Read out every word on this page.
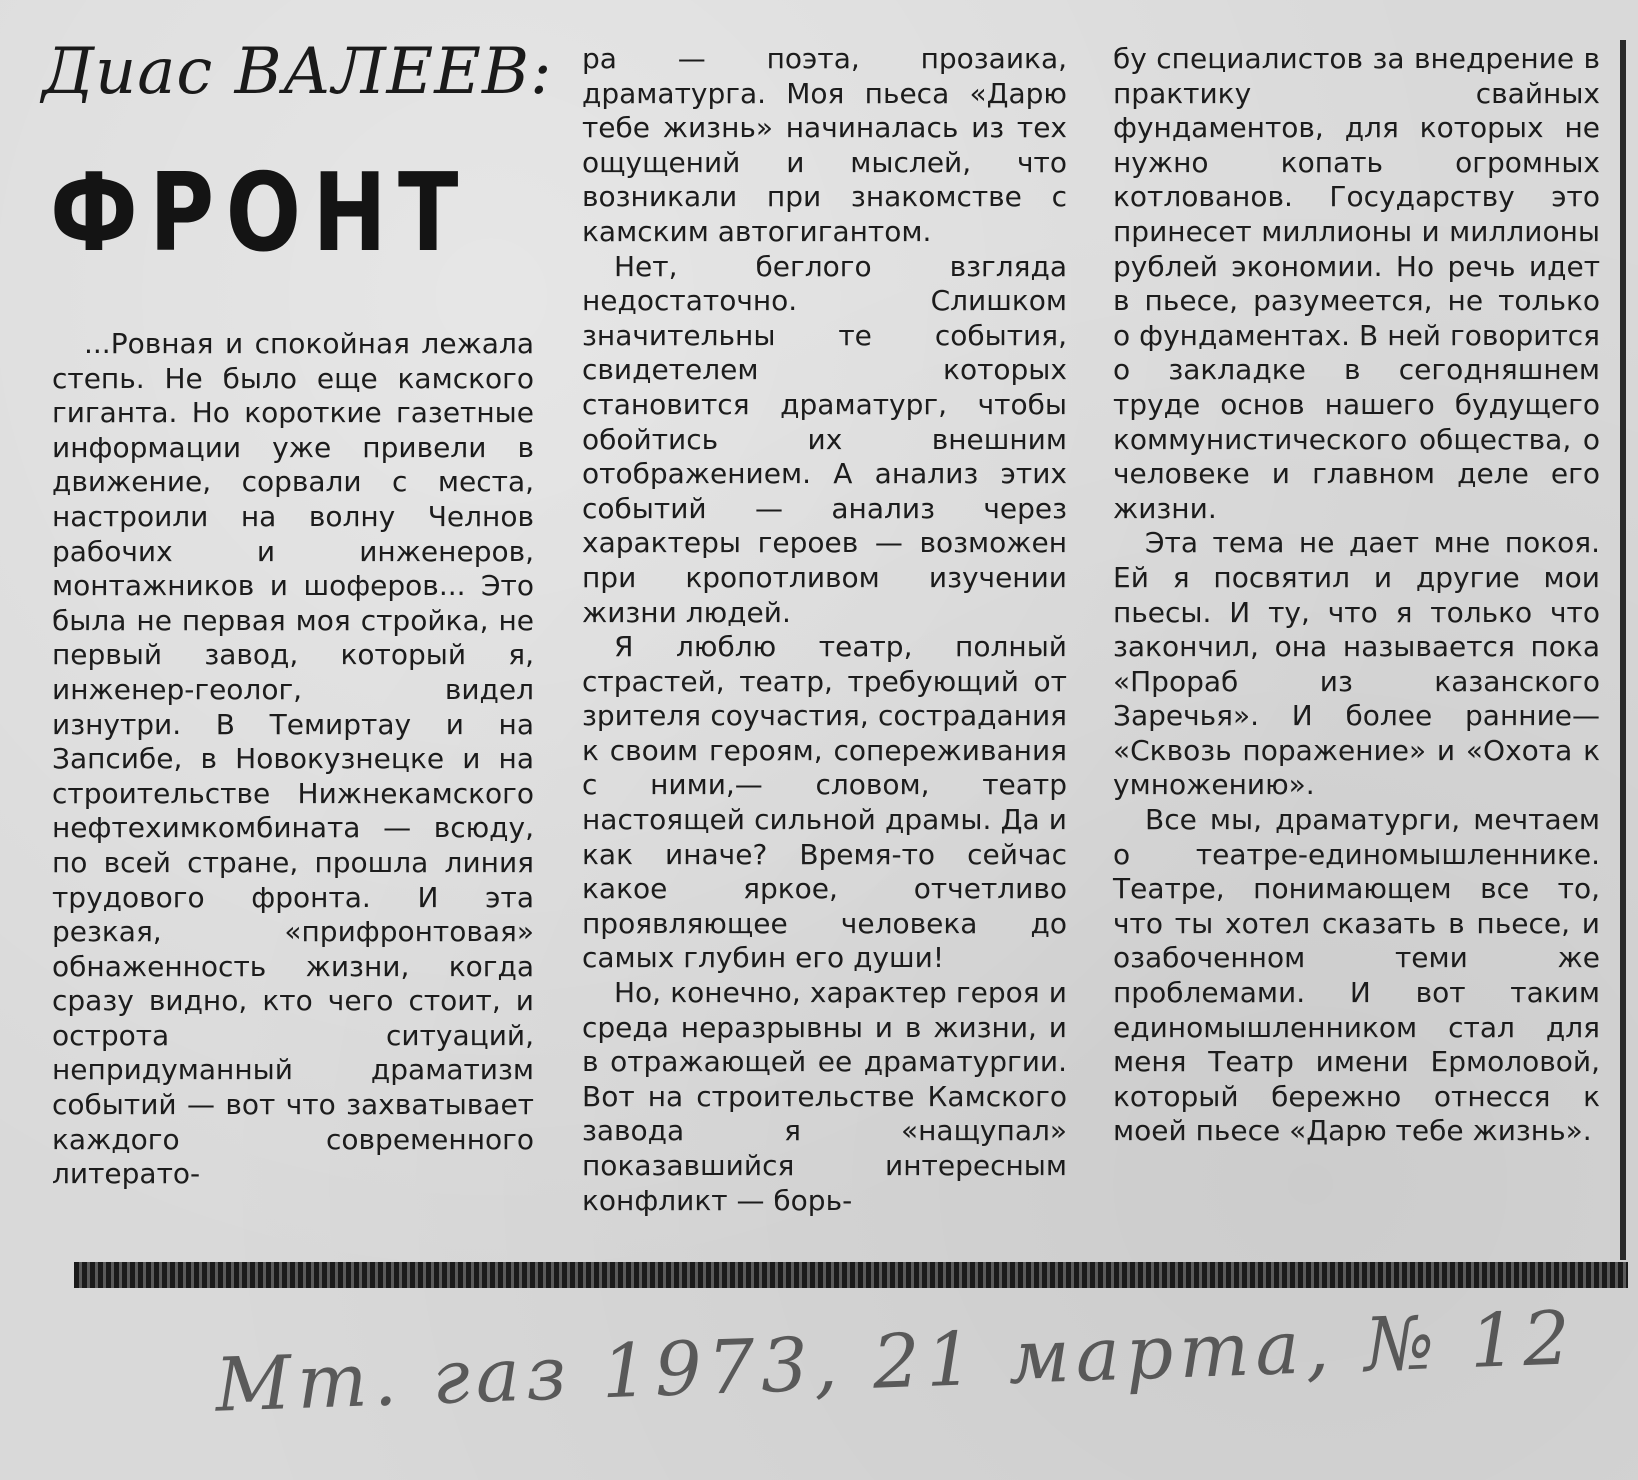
Диас ВАЛЕЕВ:
ФРОНТ

...Ровная и спокойная лежала степь. Не было еще камского гиганта. Но короткие газетные информации уже привели в движение, сорвали с места, настроили на волну Челнов рабочих и инженеров, монтажников и шоферов... Это была не первая моя стройка, не первый завод, который я, инженер-геолог, видел изнутри. В Темиртау и на Запсибе, в Новокузнецке и на строительстве Нижнекамского нефтехимкомбината — всюду, по всей стране, прошла линия трудового фронта. И эта резкая, «прифронтовая» обнаженность жизни, когда сразу видно, кто чего стоит, и острота ситуаций, непридуманный драматизм событий — вот что захватывает каждого современного литерато-

ра — поэта, прозаика, драматурга. Моя пьеса «Дарю тебе жизнь» начиналась из тех ощущений и мыслей, что возникали при знакомстве с камским автогигантом.

Нет, беглого взгляда недостаточно. Слишком значительны те события, свидетелем которых становится драматург, чтобы обойтись их внешним отображением. А анализ этих событий — анализ через характеры героев — возможен при кропотливом изучении жизни людей.

Я люблю театр, полный страстей, театр, требующий от зрителя соучастия, сострадания к своим героям, сопереживания с ними,— словом, театр настоящей сильной драмы. Да и как иначе? Время-то сейчас какое яркое, отчетливо проявляющее человека до самых глубин его души!

Но, конечно, характер героя и среда неразрывны и в жизни, и в отражающей ее драматургии. Вот на строительстве Камского завода я «нащупал» показавшийся интересным конфликт — борь-

бу специалистов за внедрение в практику свайных фундаментов, для которых не нужно копать огромных котлованов. Государству это принесет миллионы и миллионы рублей экономии. Но речь идет в пьесе, разумеется, не только о фундаментах. В ней говорится о закладке в сегодняшнем труде основ нашего будущего коммунистического общества, о человеке и главном деле его жизни.

Эта тема не дает мне покоя. Ей я посвятил и другие мои пьесы. И ту, что я только что закончил, она называется пока «Прораб из казанского Заречья». И более ранние— «Сквозь поражение» и «Охота к умножению».

Все мы, драматурги, мечтаем о театре-единомышленнике. Театре, понимающем все то, что ты хотел сказать в пьесе, и озабоченном теми же проблемами. И вот таким единомышленником стал для меня Театр имени Ермоловой, который бережно отнесся к моей пьесе «Дарю тебе жизнь».

Мт. газ 1973, 21 марта, № 12
